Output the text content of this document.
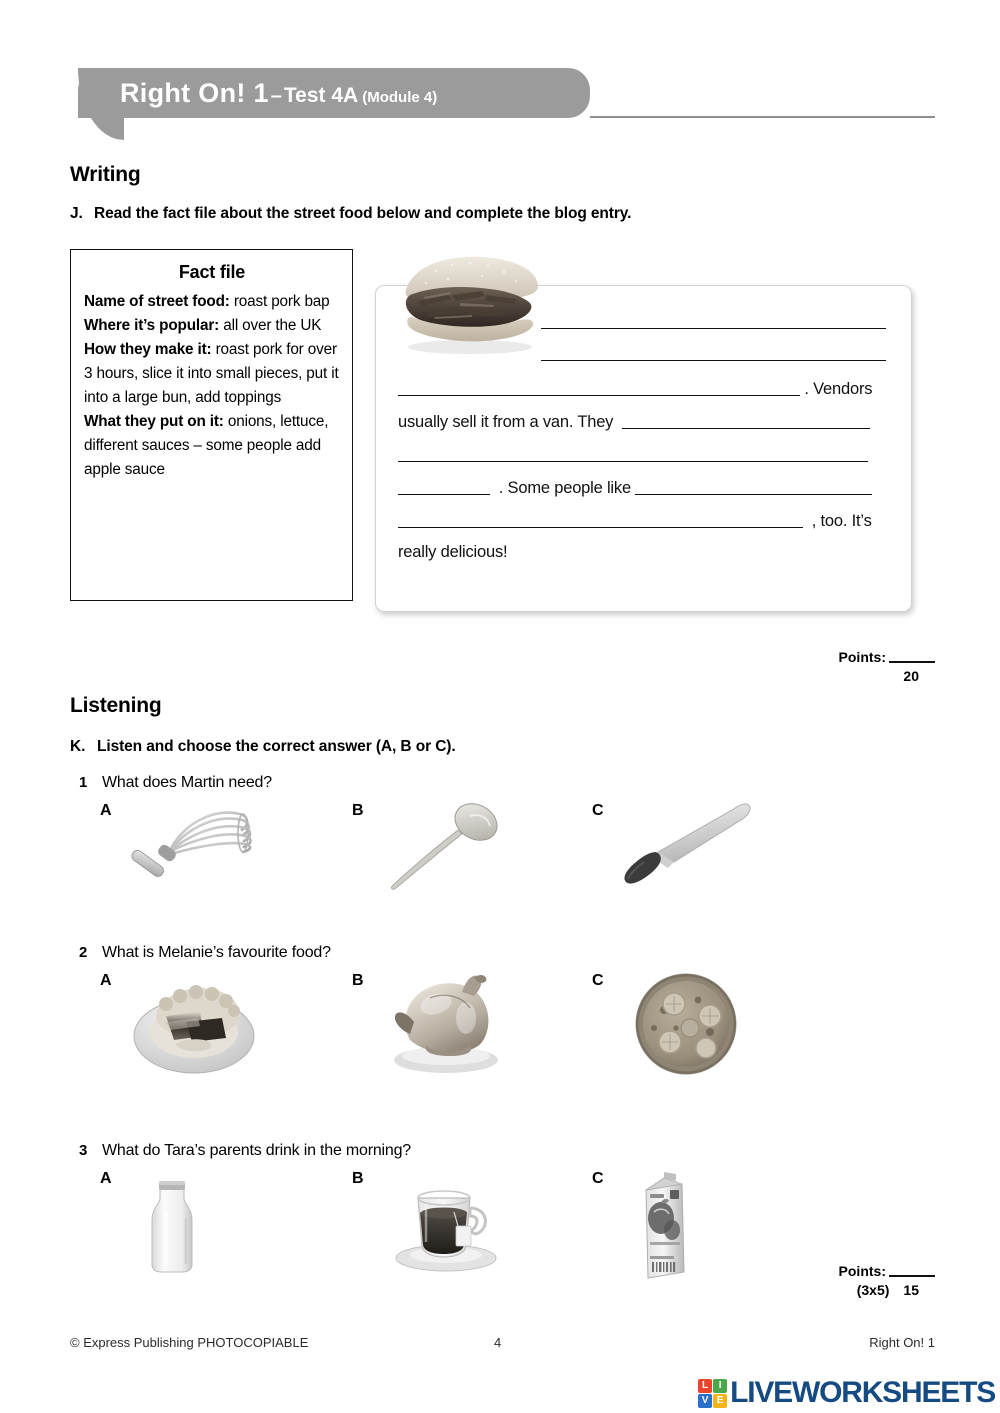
Right On! 1 –Test 4A (Module 4)
Writing
J. Read the fact file about the street food below and complete the blog entry.
Fact file

Name of street food: roast pork bap

Where it’s popular: all over the UK

How they make it: roast pork for over 3 hours, slice it into small pieces, put it into a large bun, add toppings

What they put on it: onions, lettuce, different sauces – some people add apple sauce

. Vendors
usually sell it from a van. They
. Some people like
, too. It’s
really delicious!
Points:
20
Listening
K. Listen and choose the correct answer (A, B or C).
1 What does Martin need?
A	B	C
2 What is Melanie’s favourite food?
A	B	C
3 What do Tara’s parents drink in the morning?
A	B	C
Points:
(3x5) 15
© Express Publishing PHOTOCOPIABLE	4	Right On! 1
L	I
V E LIVEWORKSHEETS
